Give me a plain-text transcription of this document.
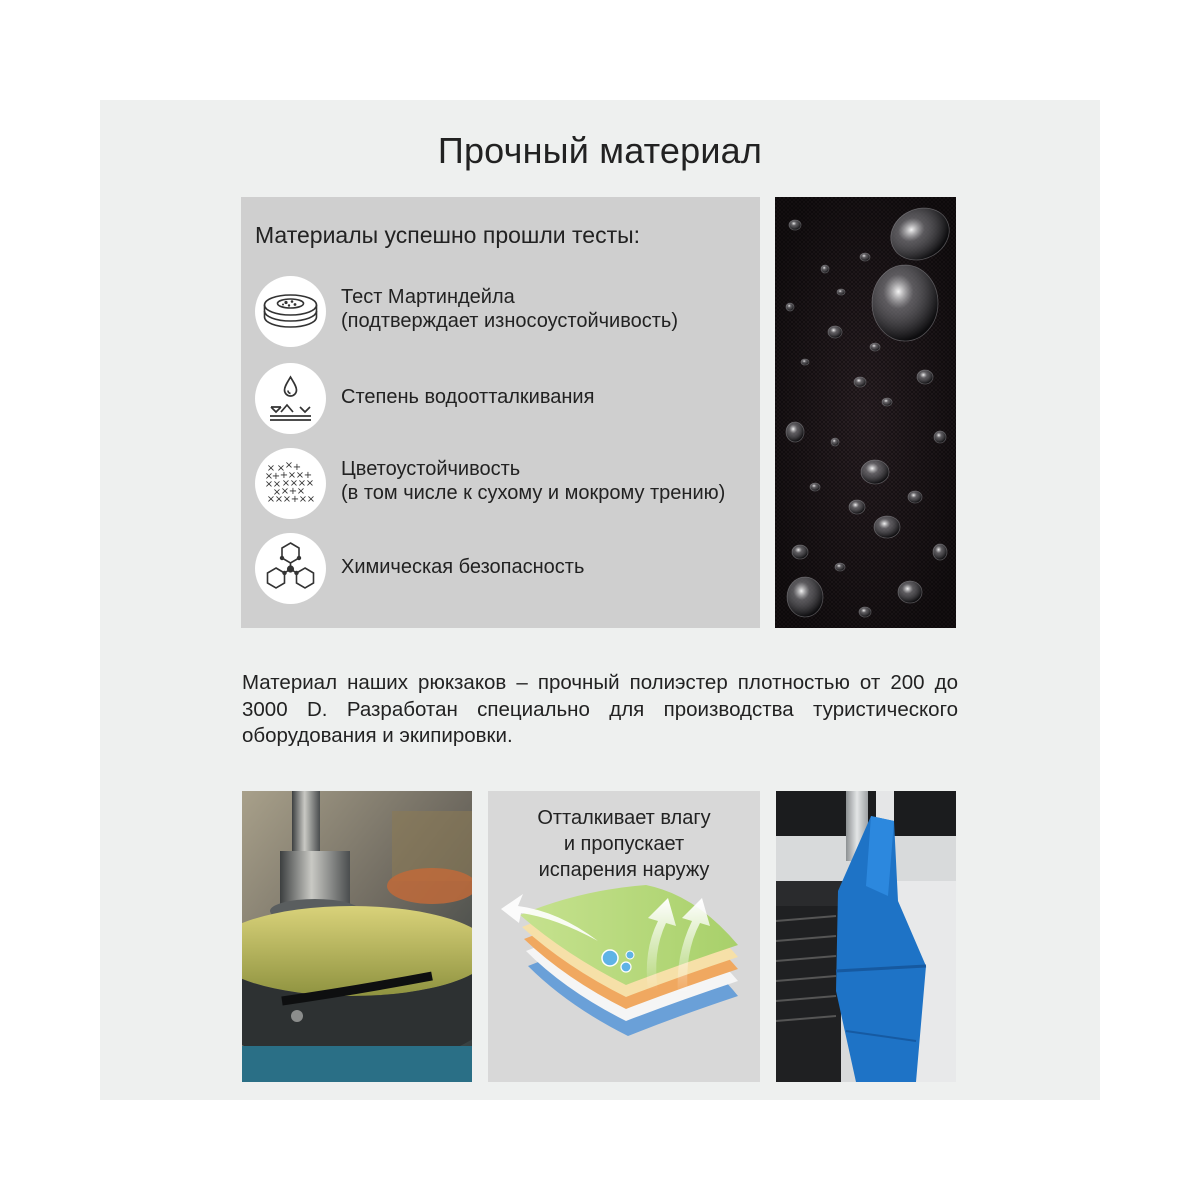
Прочный материал
Материалы успешно прошли тесты:
Тест Мартиндейла
(подтверждает износоустойчивость)
Степень водоотталкивания
× × × +
×
+ + × × +
× × × × × ×
× × + ×
× × × + × ×
Цветоустойчивость
(в том числе к сухому и мокрому трению)
Химическая безопасность
Материал наших рюкзаков – прочный полиэстер плотностью от 200 до 3000 D. Разработан специально для производства туристического оборудования и экипировки.
Отталкивает влагу
и пропускает
испарения наружу
